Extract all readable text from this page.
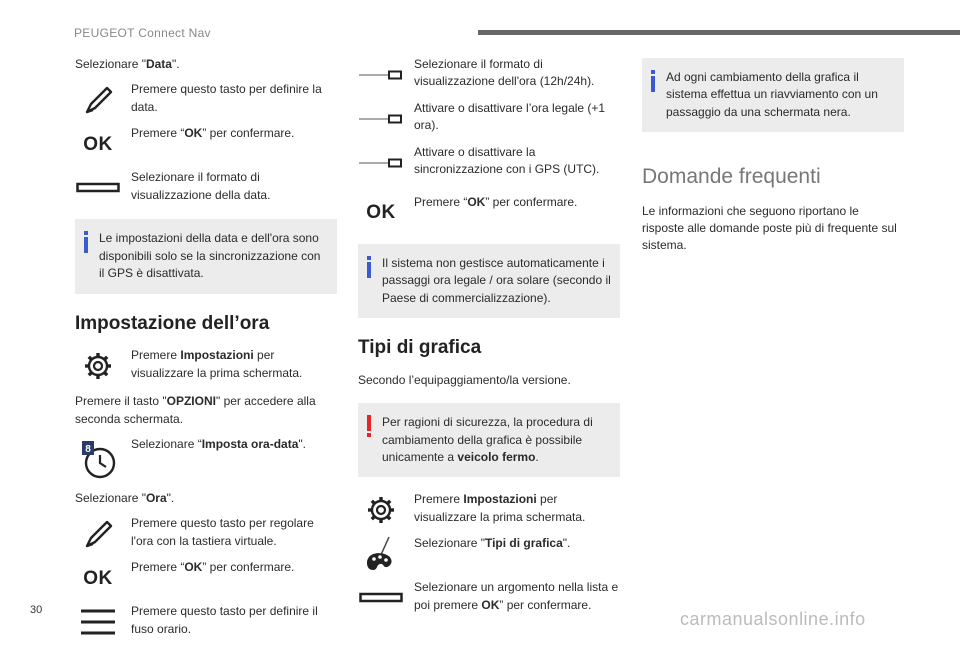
PEUGEOT Connect Nav

Selezionare "Data".

Premere questo tasto per definire la data.

OK

Premere “OK” per confermare.

Selezionare il formato di visualizzazione della data.

Le impostazioni della data e dell'ora sono disponibili solo se la sincronizzazione con il GPS è disattivata.

Impostazione dell’ora

Premere Impostazioni per visualizzare la prima schermata.

Premere il tasto "OPZIONI" per accedere alla seconda schermata.

8	Selezionare “Imposta ora-data".

Selezionare "Ora".

Premere questo tasto per regolare l'ora con la tastiera virtuale.

OK

Premere “OK” per confermare.

Premere questo tasto per definire il fuso orario.

Selezionare il formato di visualizzazione dell'ora (12h/24h).

Attivare o disattivare l’ora legale (+1 ora).

Attivare o disattivare la sincronizzazione con i GPS (UTC).

OK

Premere “OK” per confermare.

Il sistema non gestisce automaticamente i passaggi ora legale / ora solare (secondo il Paese di commercializzazione).

Tipi di grafica

Secondo l’equipaggiamento/la versione.

Per ragioni di sicurezza, la procedura di cambiamento della grafica è possibile unicamente a veicolo fermo.

Premere Impostazioni per visualizzare la prima schermata.

Selezionare "Tipi di grafica".

Selezionare un argomento nella lista e poi premere OK” per confermare.

Ad ogni cambiamento della grafica il sistema effettua un riavviamento con un passaggio da una schermata nera.

Domande frequenti

Le informazioni che seguono riportano le risposte alle domande poste più di frequente sul sistema.

30	carmanualsonline.info
